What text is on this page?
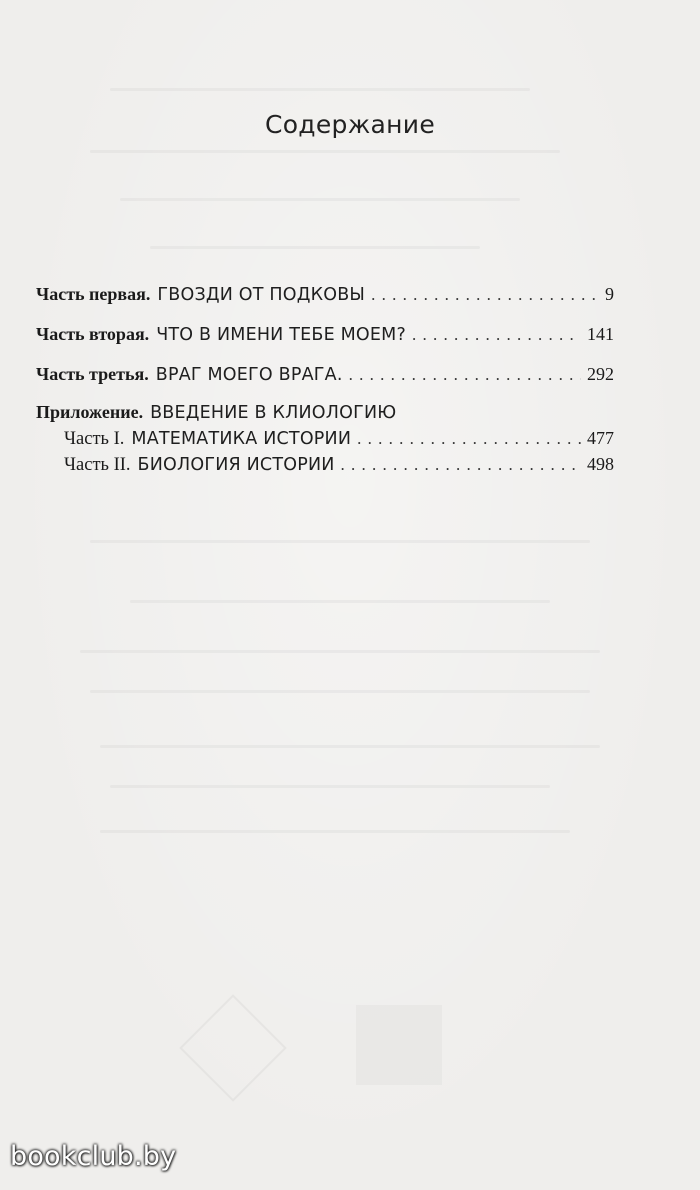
Содержание
Часть первая. ГВОЗДИ ОТ ПОДКОВЫ . . .	9
Часть вторая. ЧТО В ИМЕНИ ТЕБЕ МОЕМ? . . .	141
Часть третья. ВРАГ МОЕГО ВРАГА. . . .	292
Приложение. ВВЕДЕНИЕ В КЛИОЛОГИЮ
Часть I. МАТЕМАТИКА ИСТОРИИ . . .	477
Часть II. БИОЛОГИЯ ИСТОРИИ . . .	498
bookclub.by
